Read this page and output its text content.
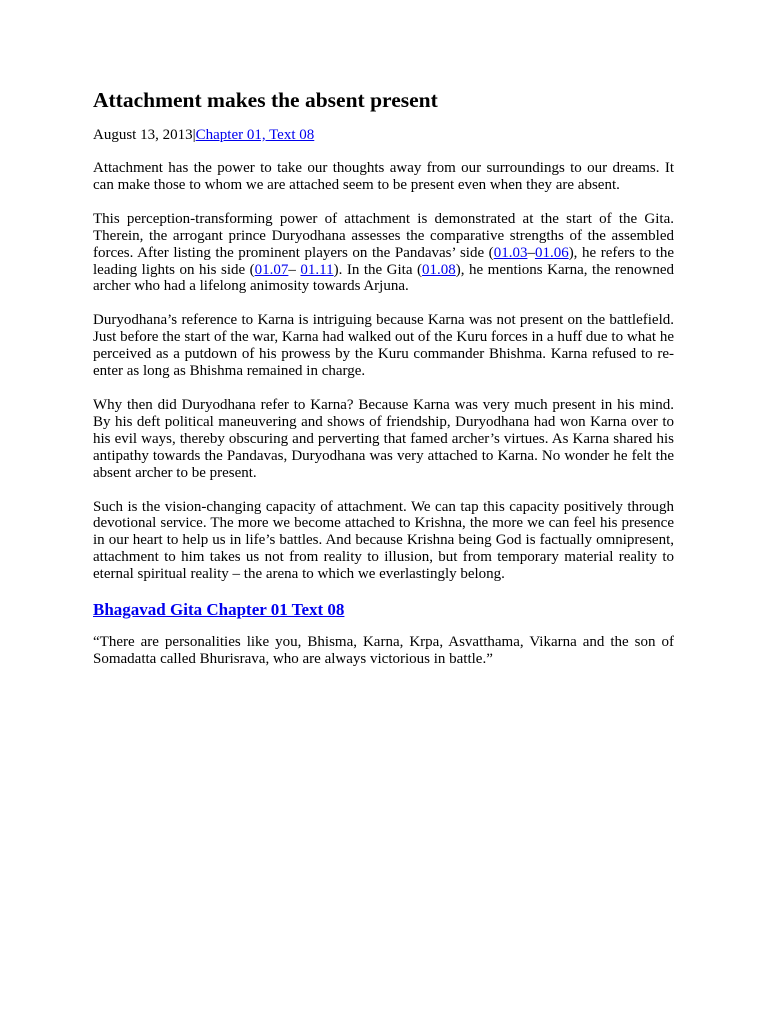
Attachment makes the absent present
August 13, 2013|Chapter 01, Text 08

Attachment has the power to take our thoughts away from our surroundings to our dreams. It can make those to whom we are attached seem to be present even when they are absent.

This perception-transforming power of attachment is demonstrated at the start of the Gita. Therein, the arrogant prince Duryodhana assesses the comparative strengths of the assembled forces. After listing the prominent players on the Pandavas’ side (01.03–01.06), he refers to the leading lights on his side (01.07– 01.11). In the Gita (01.08), he mentions Karna, the renowned archer who had a lifelong animosity towards Arjuna.

Duryodhana’s reference to Karna is intriguing because Karna was not present on the battlefield. Just before the start of the war, Karna had walked out of the Kuru forces in a huff due to what he perceived as a putdown of his prowess by the Kuru commander Bhishma. Karna refused to re-enter as long as Bhishma remained in charge.

Why then did Duryodhana refer to Karna? Because Karna was very much present in his mind. By his deft political maneuvering and shows of friendship, Duryodhana had won Karna over to his evil ways, thereby obscuring and perverting that famed archer’s virtues. As Karna shared his antipathy towards the Pandavas, Duryodhana was very attached to Karna. No wonder he felt the absent archer to be present.

Such is the vision-changing capacity of attachment. We can tap this capacity positively through devotional service. The more we become attached to Krishna, the more we can feel his presence in our heart to help us in life’s battles. And because Krishna being God is factually omnipresent, attachment to him takes us not from reality to illusion, but from temporary material reality to eternal spiritual reality – the arena to which we everlastingly belong.

Bhagavad Gita Chapter 01 Text 08

“There are personalities like you, Bhisma, Karna, Krpa, Asvatthama, Vikarna and the son of Somadatta called Bhurisrava, who are always victorious in battle.”
